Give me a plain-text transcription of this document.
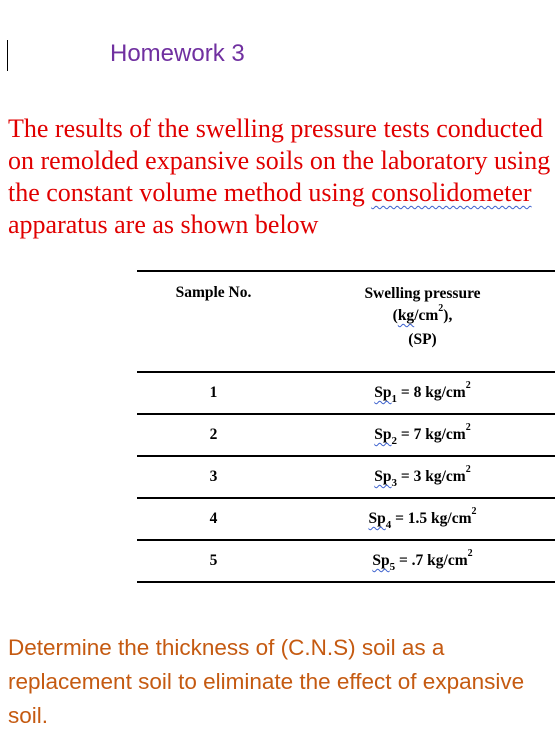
Homework 3

The results of the swelling pressure tests conducted on remolded expansive soils on the laboratory using the constant volume method using consolidometer apparatus are as shown below

Sample No.	Swelling pressure
$(kg/cm^2)$,
(SP)

1	$Sp_1 = 8$ $kg/cm^2$
2	$Sp_2 = 7$ $kg/cm^2$
3	$Sp_3 = 3$ $kg/cm^2$
4	$Sp_4 = 1.5$ $kg/cm^2$
5	$Sp_5 = .7$ $kg/cm^2$

Determine the thickness of (C.N.S) soil as a replacement soil to eliminate the effect of expansive soil.
